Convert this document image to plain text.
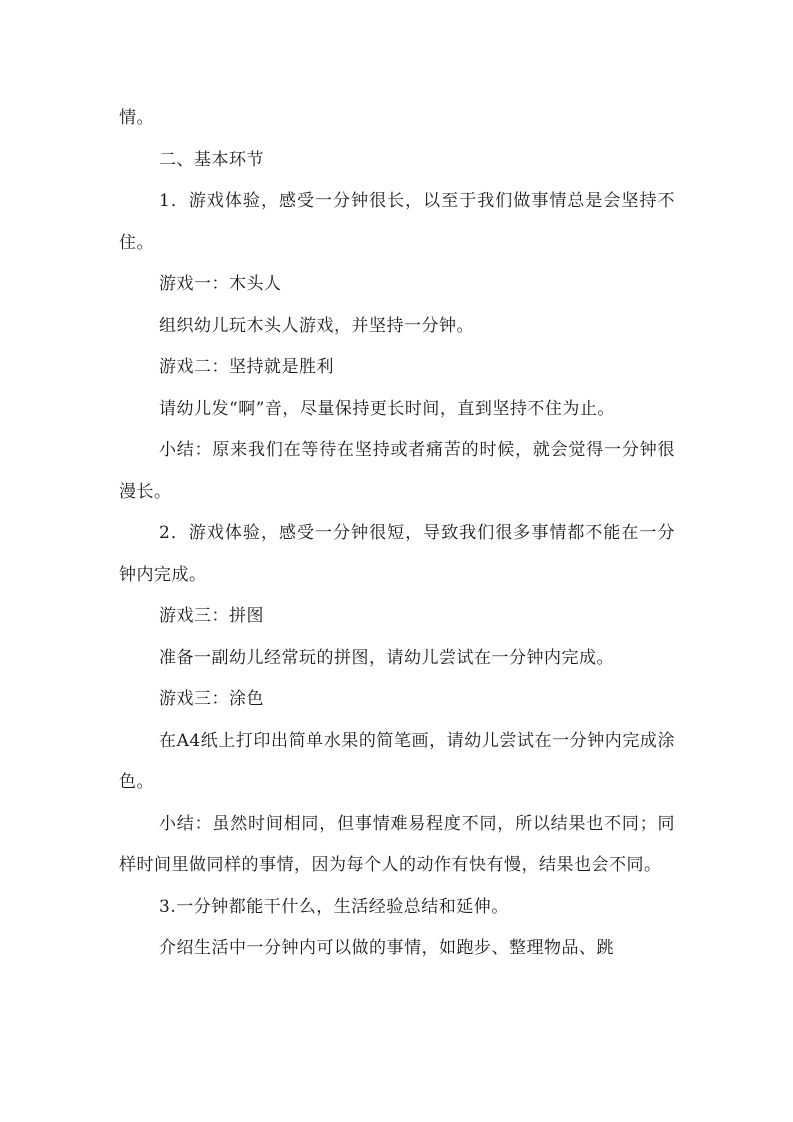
情。

二、基本环节

1．游戏体验，感受一分钟很长，以至于我们做事情总是会坚持不住。

游戏一：木头人

组织幼儿玩木头人游戏，并坚持一分钟。

游戏二：坚持就是胜利

请幼儿发“啊”音，尽量保持更长时间，直到坚持不住为止。

小结：原来我们在等待在坚持或者痛苦的时候，就会觉得一分钟很漫长。

2．游戏体验，感受一分钟很短，导致我们很多事情都不能在一分钟内完成。

游戏三：拼图

准备一副幼儿经常玩的拼图，请幼儿尝试在一分钟内完成。

游戏三：涂色

在A4纸上打印出简单水果的简笔画，请幼儿尝试在一分钟内完成涂色。

小结：虽然时间相同，但事情难易程度不同，所以结果也不同；同样时间里做同样的事情，因为每个人的动作有快有慢，结果也会不同。

3.一分钟都能干什么，生活经验总结和延伸。

介绍生活中一分钟内可以做的事情，如跑步、整理物品、跳
